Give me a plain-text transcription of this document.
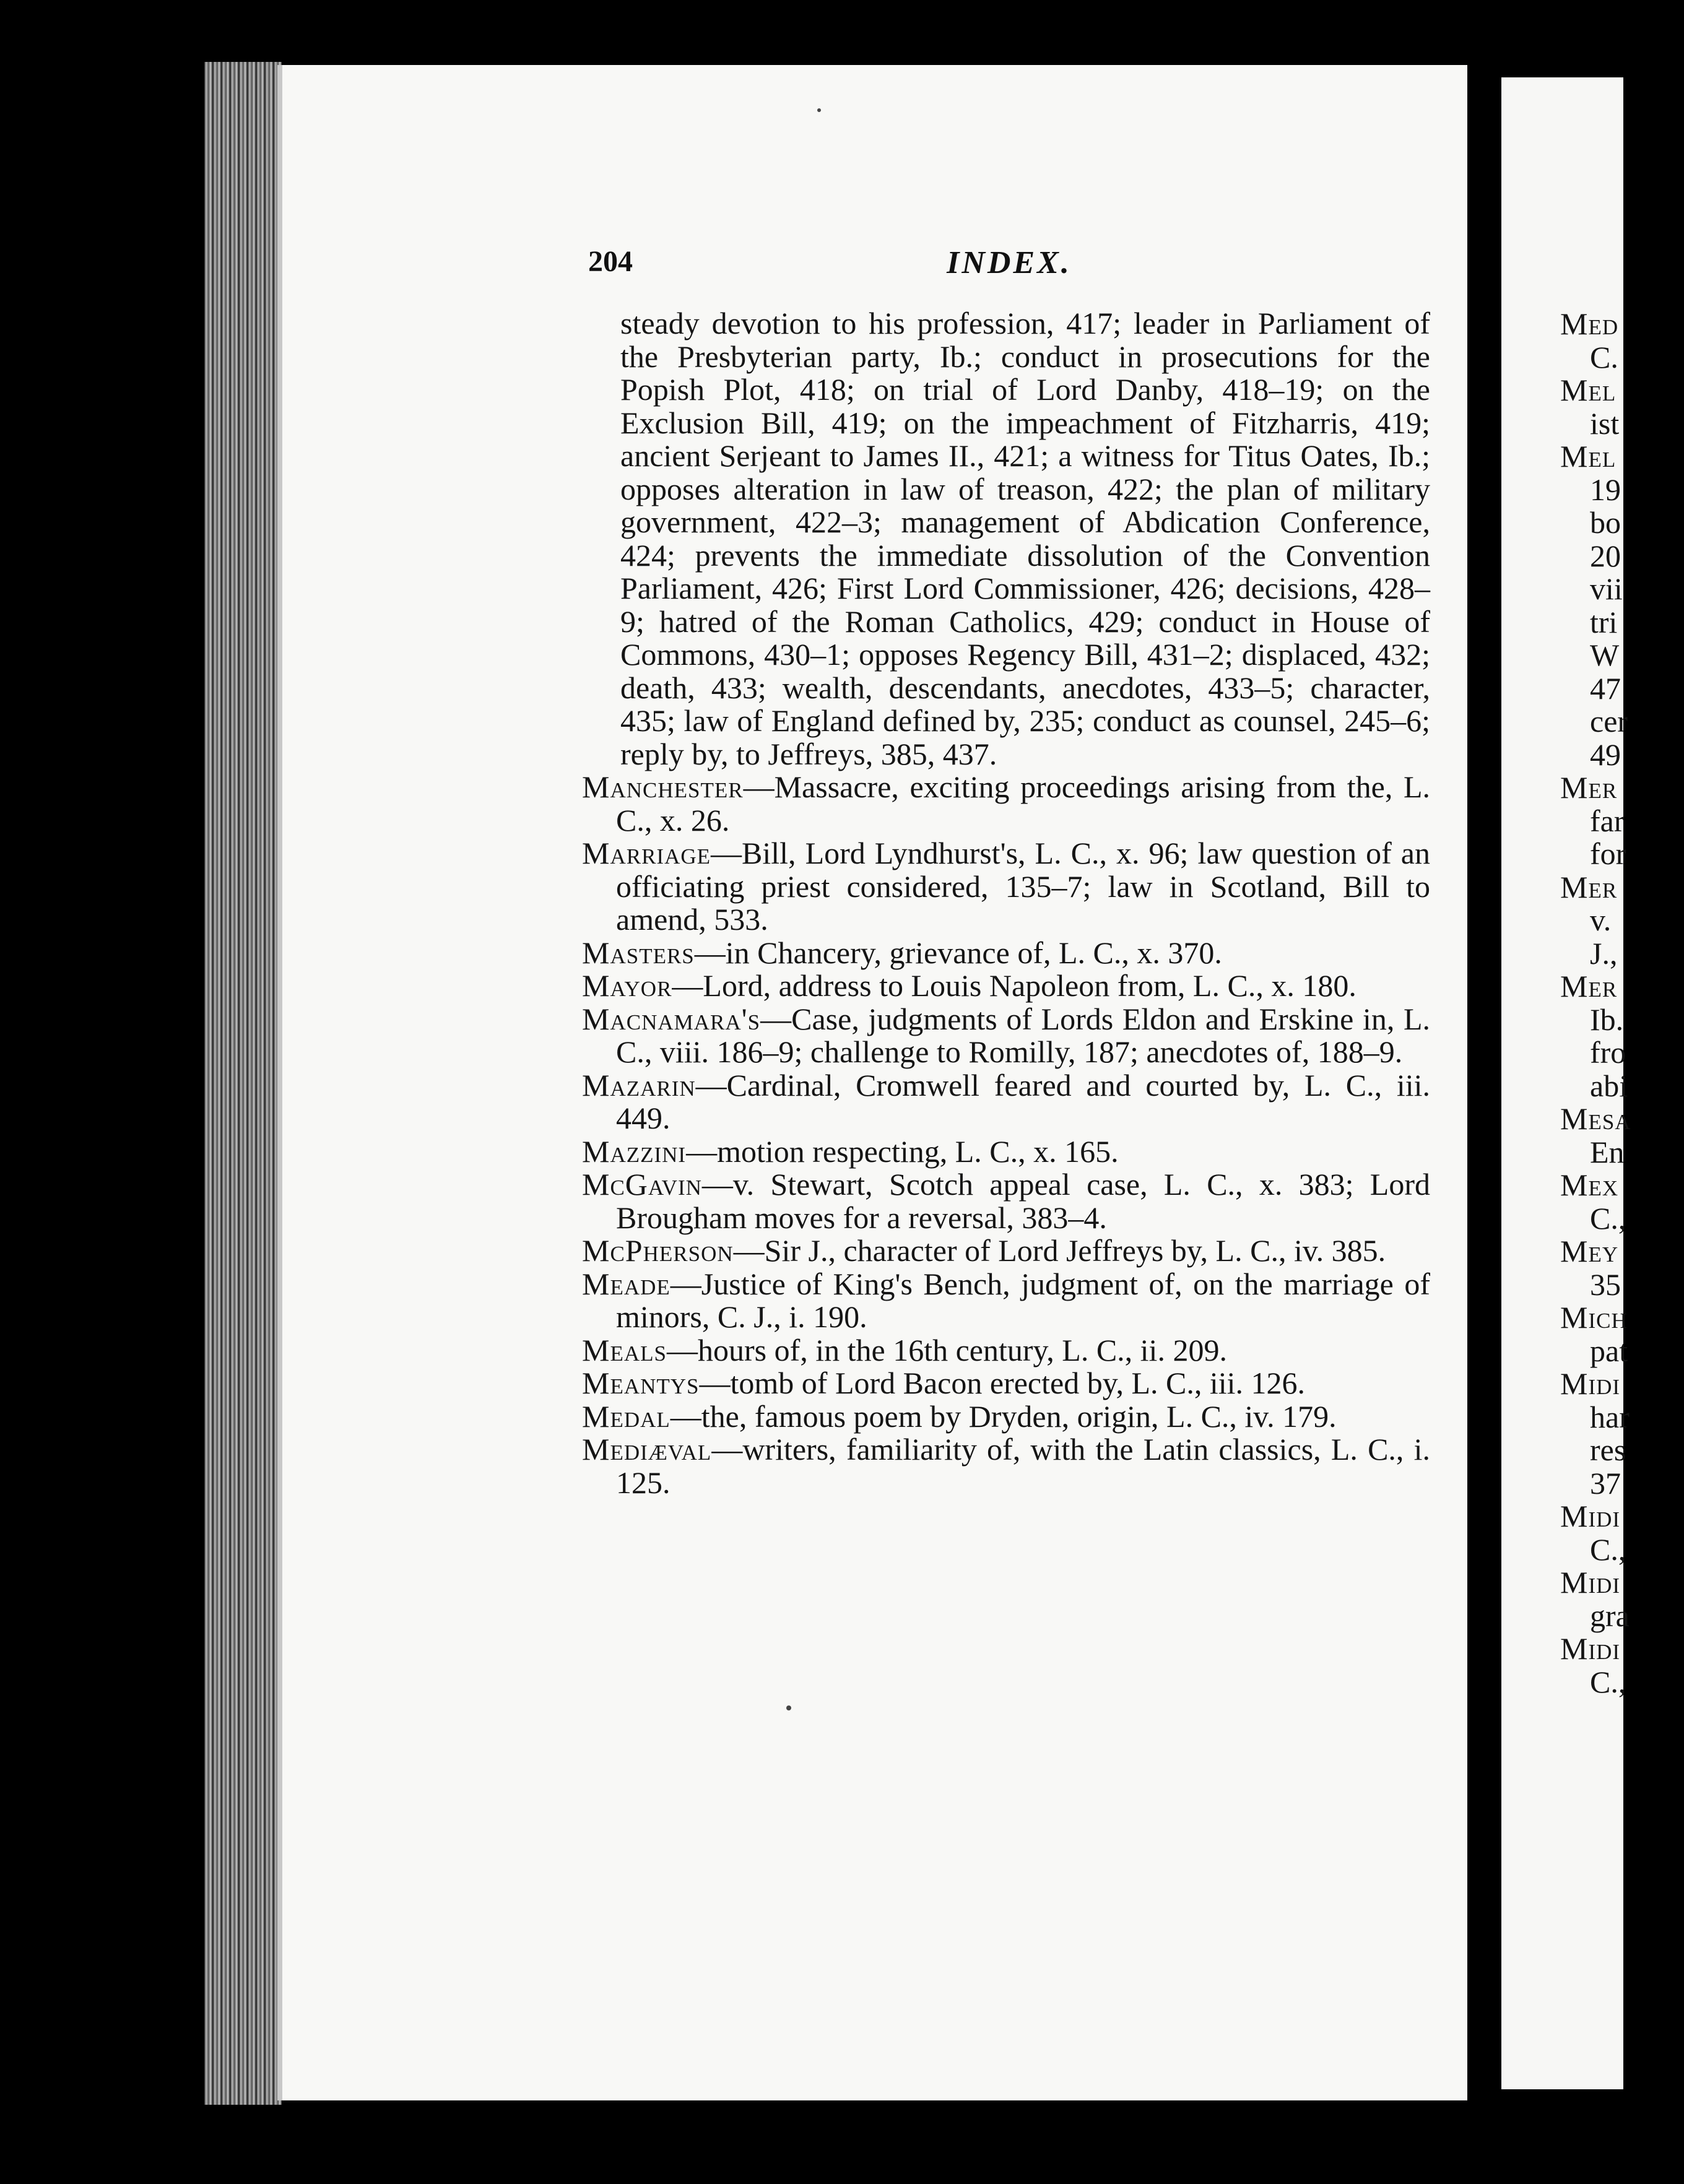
204	INDEX.

steady devotion to his profession, 417; leader in Parliament of the Presbyterian party, Ib.; conduct in prosecutions for the Popish Plot, 418; on trial of Lord Danby, 418–19; on the Exclusion Bill, 419; on the impeachment of Fitzharris, 419; ancient Serjeant to James II., 421; a witness for Titus Oates, Ib.; opposes alteration in law of treason, 422; the plan of military government, 422–3; management of Abdication Conference, 424; prevents the immediate dissolution of the Convention Parliament, 426; First Lord Commissioner, 426; decisions, 428–9; hatred of the Roman Catholics, 429; conduct in House of Commons, 430–1; opposes Regency Bill, 431–2; displaced, 432; death, 433; wealth, descendants, anecdotes, 433–5; character, 435; law of England defined by, 235; conduct as counsel, 245–6; reply by, to Jeffreys, 385, 437.

Manchester—Massacre, exciting proceedings arising from the, L. C., x. 26.

Marriage—Bill, Lord Lyndhurst's, L. C., x. 96; law question of an officiating priest considered, 135–7; law in Scotland, Bill to amend, 533.

Masters—in Chancery, grievance of, L. C., x. 370.

Mayor—Lord, address to Louis Napoleon from, L. C., x. 180.

Macnamara's—Case, judgments of Lords Eldon and Erskine in, L. C., viii. 186–9; challenge to Romilly, 187; anecdotes of, 188–9.

Mazarin—Cardinal, Cromwell feared and courted by, L. C., iii. 449.

Mazzini—motion respecting, L. C., x. 165.

McGavin—v. Stewart, Scotch appeal case, L. C., x. 383; Lord Brougham moves for a reversal, 383–4.

McPherson—Sir J., character of Lord Jeffreys by, L. C., iv. 385.

Meade—Justice of King's Bench, judgment of, on the marriage of minors, C. J., i. 190.

Meals—hours of, in the 16th century, L. C., ii. 209.

Meantys—tomb of Lord Bacon erected by, L. C., iii. 126.

Medal—the, famous poem by Dryden, origin, L. C., iv. 179.

Mediæval—writers, familiarity of, with the Latin classics, L. C., i. 125.

Med
C.
Mel
ist
Mel
19
bo
20
vii
tri
W
47
cer
49
Mer
far
for
Mer
v.
J.,
Mer
Ib.
fro
abi
Mesa
En
Mex
C.,
Mey
35
Mich
pat
Midi
har
res
37
Midi
C.,
Midi
gra
Midi
C.,
